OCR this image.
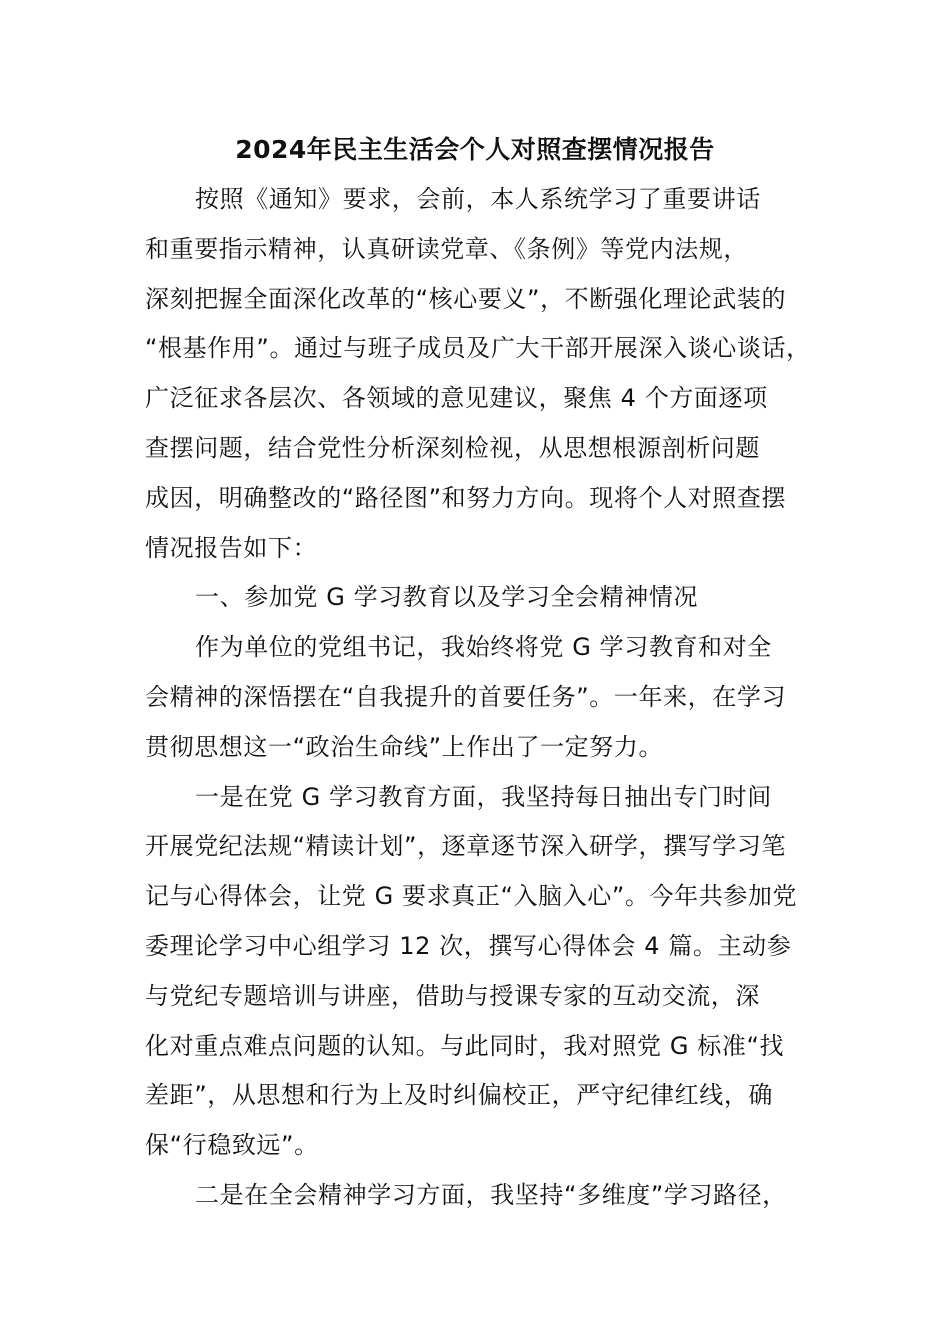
2024年民主生活会个人对照查摆情况报告
按照《通知》要求，会前，本人系统学习了重要讲话
和重要指示精神，认真研读党章、《条例》等党内法规，
深刻把握全面深化改革的“核心要义”，不断强化理论武装的
“根基作用”。通过与班子成员及广大干部开展深入谈心谈话，
广泛征求各层次、各领域的意见建议，聚焦 4 个方面逐项
查摆问题，结合党性分析深刻检视，从思想根源剖析问题
成因，明确整改的“路径图”和努力方向。现将个人对照查摆
情况报告如下：
一、参加党 G 学习教育以及学习全会精神情况
作为单位的党组书记，我始终将党 G 学习教育和对全
会精神的深悟摆在“自我提升的首要任务”。一年来，在学习
贯彻思想这一“政治生命线”上作出了一定努力。
一是在党 G 学习教育方面，我坚持每日抽出专门时间
开展党纪法规“精读计划”，逐章逐节深入研学，撰写学习笔
记与心得体会，让党 G 要求真正“入脑入心”。今年共参加党
委理论学习中心组学习 12 次，撰写心得体会 4 篇。主动参
与党纪专题培训与讲座，借助与授课专家的互动交流，深
化对重点难点问题的认知。与此同时，我对照党 G 标准“找
差距”，从思想和行为上及时纠偏校正，严守纪律红线，确
保“行稳致远”。
二是在全会精神学习方面，我坚持“多维度”学习路径，
